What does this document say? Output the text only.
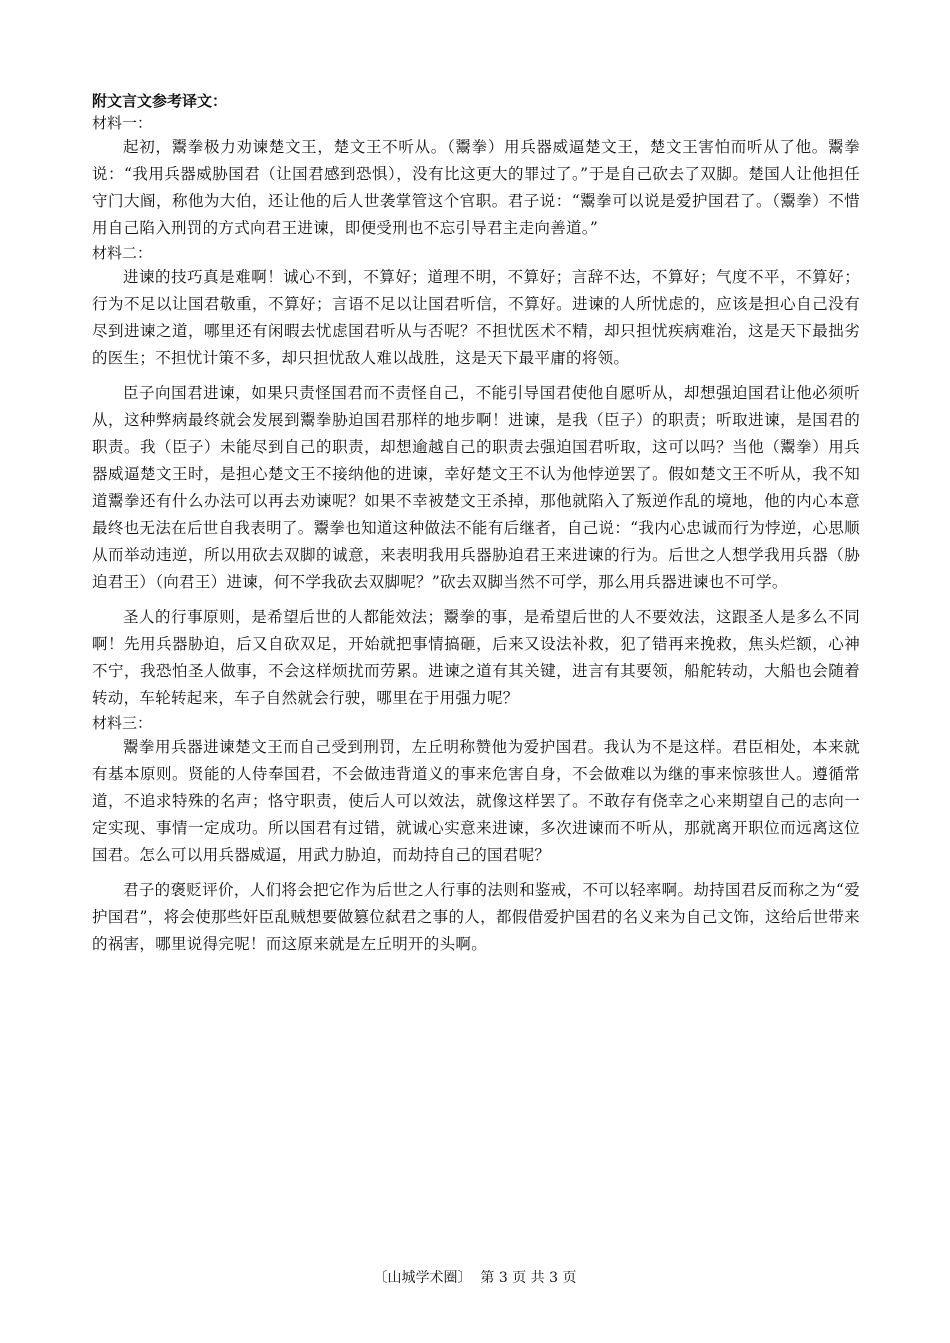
附文言文参考译文：

材料一：

起初，鬻拳极力劝谏楚文王，楚文王不听从。（鬻拳）用兵器威逼楚文王，楚文王害怕而听从了他。鬻拳说：“我用兵器威胁国君（让国君感到恐惧），没有比这更大的罪过了。”于是自己砍去了双脚。楚国人让他担任守门大阍，称他为大伯，还让他的后人世袭掌管这个官职。君子说：“鬻拳可以说是爱护国君了。（鬻拳）不惜用自己陷入刑罚的方式向君王进谏，即便受刑也不忘引导君主走向善道。”

材料二：

进谏的技巧真是难啊！诚心不到，不算好；道理不明，不算好；言辞不达，不算好；气度不平，不算好；行为不足以让国君敬重，不算好；言语不足以让国君听信，不算好。进谏的人所忧虑的，应该是担心自己没有尽到进谏之道，哪里还有闲暇去忧虑国君听从与否呢？不担忧医术不精，却只担忧疾病难治，这是天下最拙劣的医生；不担忧计策不多，却只担忧敌人难以战胜，这是天下最平庸的将领。

臣子向国君进谏，如果只责怪国君而不责怪自己，不能引导国君使他自愿听从，却想强迫国君让他必须听从，这种弊病最终就会发展到鬻拳胁迫国君那样的地步啊！进谏，是我（臣子）的职责；听取进谏，是国君的职责。我（臣子）未能尽到自己的职责，却想逾越自己的职责去强迫国君听取，这可以吗？当他（鬻拳）用兵器威逼楚文王时，是担心楚文王不接纳他的进谏，幸好楚文王不认为他悖逆罢了。假如楚文王不听从，我不知道鬻拳还有什么办法可以再去劝谏呢？如果不幸被楚文王杀掉，那他就陷入了叛逆作乱的境地，他的内心本意最终也无法在后世自我表明了。鬻拳也知道这种做法不能有后继者，自己说：“我内心忠诚而行为悖逆，心思顺从而举动违逆，所以用砍去双脚的诚意，来表明我用兵器胁迫君王来进谏的行为。后世之人想学我用兵器（胁迫君王）（向君王）进谏，何不学我砍去双脚呢？”砍去双脚当然不可学，那么用兵器进谏也不可学。

圣人的行事原则，是希望后世的人都能效法；鬻拳的事，是希望后世的人不要效法，这跟圣人是多么不同啊！先用兵器胁迫，后又自砍双足，开始就把事情搞砸，后来又设法补救，犯了错再来挽救，焦头烂额，心神不宁，我恐怕圣人做事，不会这样烦扰而劳累。进谏之道有其关键，进言有其要领，船舵转动，大船也会随着转动，车轮转起来，车子自然就会行驶，哪里在于用强力呢？

材料三：

鬻拳用兵器进谏楚文王而自己受到刑罚，左丘明称赞他为爱护国君。我认为不是这样。君臣相处，本来就有基本原则。贤能的人侍奉国君，不会做违背道义的事来危害自身，不会做难以为继的事来惊骇世人。遵循常道，不追求特殊的名声；恪守职责，使后人可以效法，就像这样罢了。不敢存有侥幸之心来期望自己的志向一定实现、事情一定成功。所以国君有过错，就诚心实意来进谏，多次进谏而不听从，那就离开职位而远离这位国君。怎么可以用兵器威逼，用武力胁迫，而劫持自己的国君呢？

君子的褒贬评价，人们将会把它作为后世之人行事的法则和鉴戒，不可以轻率啊。劫持国君反而称之为“爱护国君”，将会使那些奸臣乱贼想要做篡位弑君之事的人，都假借爱护国君的名义来为自己文饰，这给后世带来的祸害，哪里说得完呢！而这原来就是左丘明开的头啊。

〔山城学术圈〕 第 3 页 共 3 页
